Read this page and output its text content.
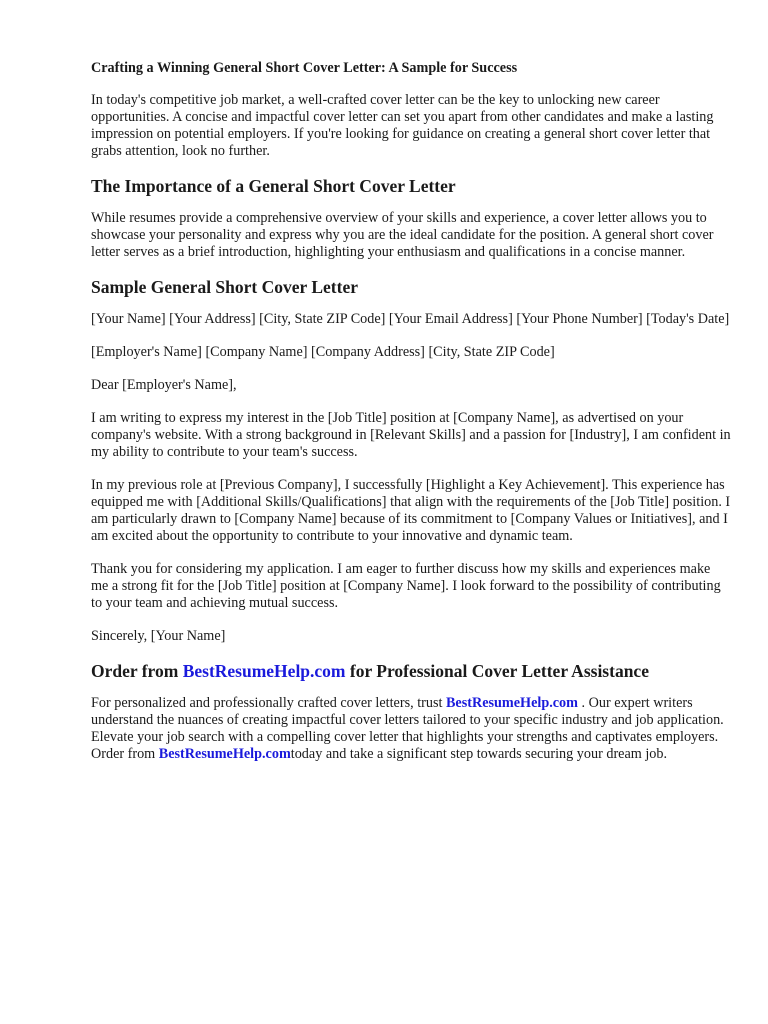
Crafting a Winning General Short Cover Letter: A Sample for Success

In today's competitive job market, a well-crafted cover letter can be the key to unlocking new career opportunities. A concise and impactful cover letter can set you apart from other candidates and make a lasting impression on potential employers. If you're looking for guidance on creating a general short cover letter that grabs attention, look no further.

The Importance of a General Short Cover Letter

While resumes provide a comprehensive overview of your skills and experience, a cover letter allows you to showcase your personality and express why you are the ideal candidate for the position. A general short cover letter serves as a brief introduction, highlighting your enthusiasm and qualifications in a concise manner.

Sample General Short Cover Letter

[Your Name] [Your Address] [City, State ZIP Code] [Your Email Address] [Your Phone Number] [Today's Date]

[Employer's Name] [Company Name] [Company Address] [City, State ZIP Code]

Dear [Employer's Name],

I am writing to express my interest in the [Job Title] position at [Company Name], as advertised on your company's website. With a strong background in [Relevant Skills] and a passion for [Industry], I am confident in my ability to contribute to your team's success.

In my previous role at [Previous Company], I successfully [Highlight a Key Achievement]. This experience has equipped me with [Additional Skills/Qualifications] that align with the requirements of the [Job Title] position. I am particularly drawn to [Company Name] because of its commitment to [Company Values or Initiatives], and I am excited about the opportunity to contribute to your innovative and dynamic team.

Thank you for considering my application. I am eager to further discuss how my skills and experiences make me a strong fit for the [Job Title] position at [Company Name]. I look forward to the possibility of contributing to your team and achieving mutual success.

Sincerely, [Your Name]

Order from BestResumeHelp.com for Professional Cover Letter Assistance

For personalized and professionally crafted cover letters, trust BestResumeHelp.com . Our expert writers understand the nuances of creating impactful cover letters tailored to your specific industry and job application. Elevate your job search with a compelling cover letter that highlights your strengths and captivates employers. Order from BestResumeHelp.comtoday and take a significant step towards securing your dream job.
